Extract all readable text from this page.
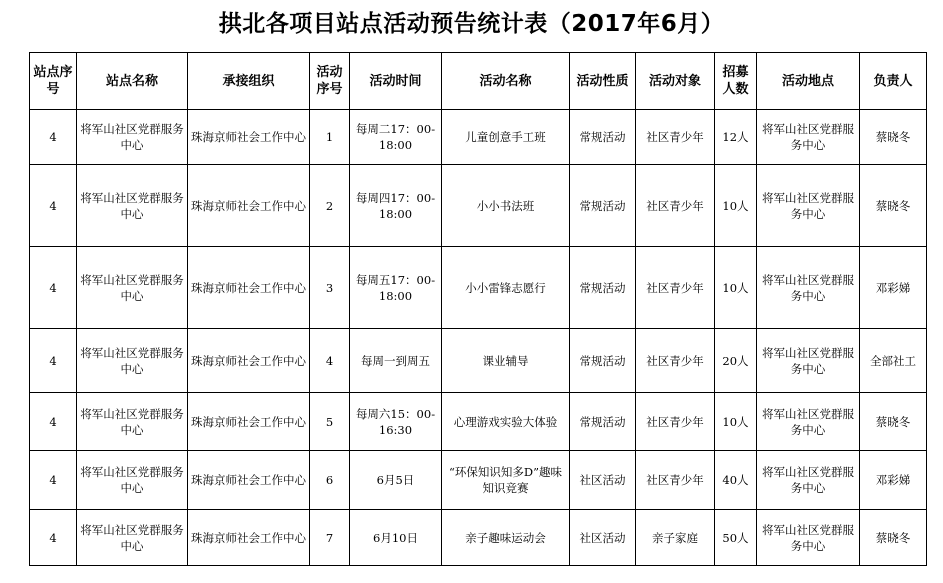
拱北各项目站点活动预告统计表（2017年6月）
站点序号	站点名称	承接组织	活动序号	活动时间	活动名称	活动性质	活动对象	招募人数	活动地点	负责人
4	将军山社区党群服务中心	珠海京师社会工作中心	1	每周二17：00-18:00	儿童创意手工班	常规活动	社区青少年	12人	将军山社区党群服务中心	蔡晓冬
4	将军山社区党群服务中心	珠海京师社会工作中心	2	每周四17：00-18:00	小小书法班	常规活动	社区青少年	10人	将军山社区党群服务中心	蔡晓冬
4	将军山社区党群服务中心	珠海京师社会工作中心	3	每周五17：00-18:00	小小雷锋志愿行	常规活动	社区青少年	10人	将军山社区党群服务中心	邓彩娣
4	将军山社区党群服务中心	珠海京师社会工作中心	4	每周一到周五	课业辅导	常规活动	社区青少年	20人	将军山社区党群服务中心	全部社工
4	将军山社区党群服务中心	珠海京师社会工作中心	5	每周六15：00-16:30	心理游戏实验大体验	常规活动	社区青少年	10人	将军山社区党群服务中心	蔡晓冬
4	将军山社区党群服务中心	珠海京师社会工作中心	6	6月5日	“环保知识知多D”趣味知识竞赛	社区活动	社区青少年	40人	将军山社区党群服务中心	邓彩娣
4	将军山社区党群服务中心	珠海京师社会工作中心	7	6月10日	亲子趣味运动会	社区活动	亲子家庭	50人	将军山社区党群服务中心	蔡晓冬
